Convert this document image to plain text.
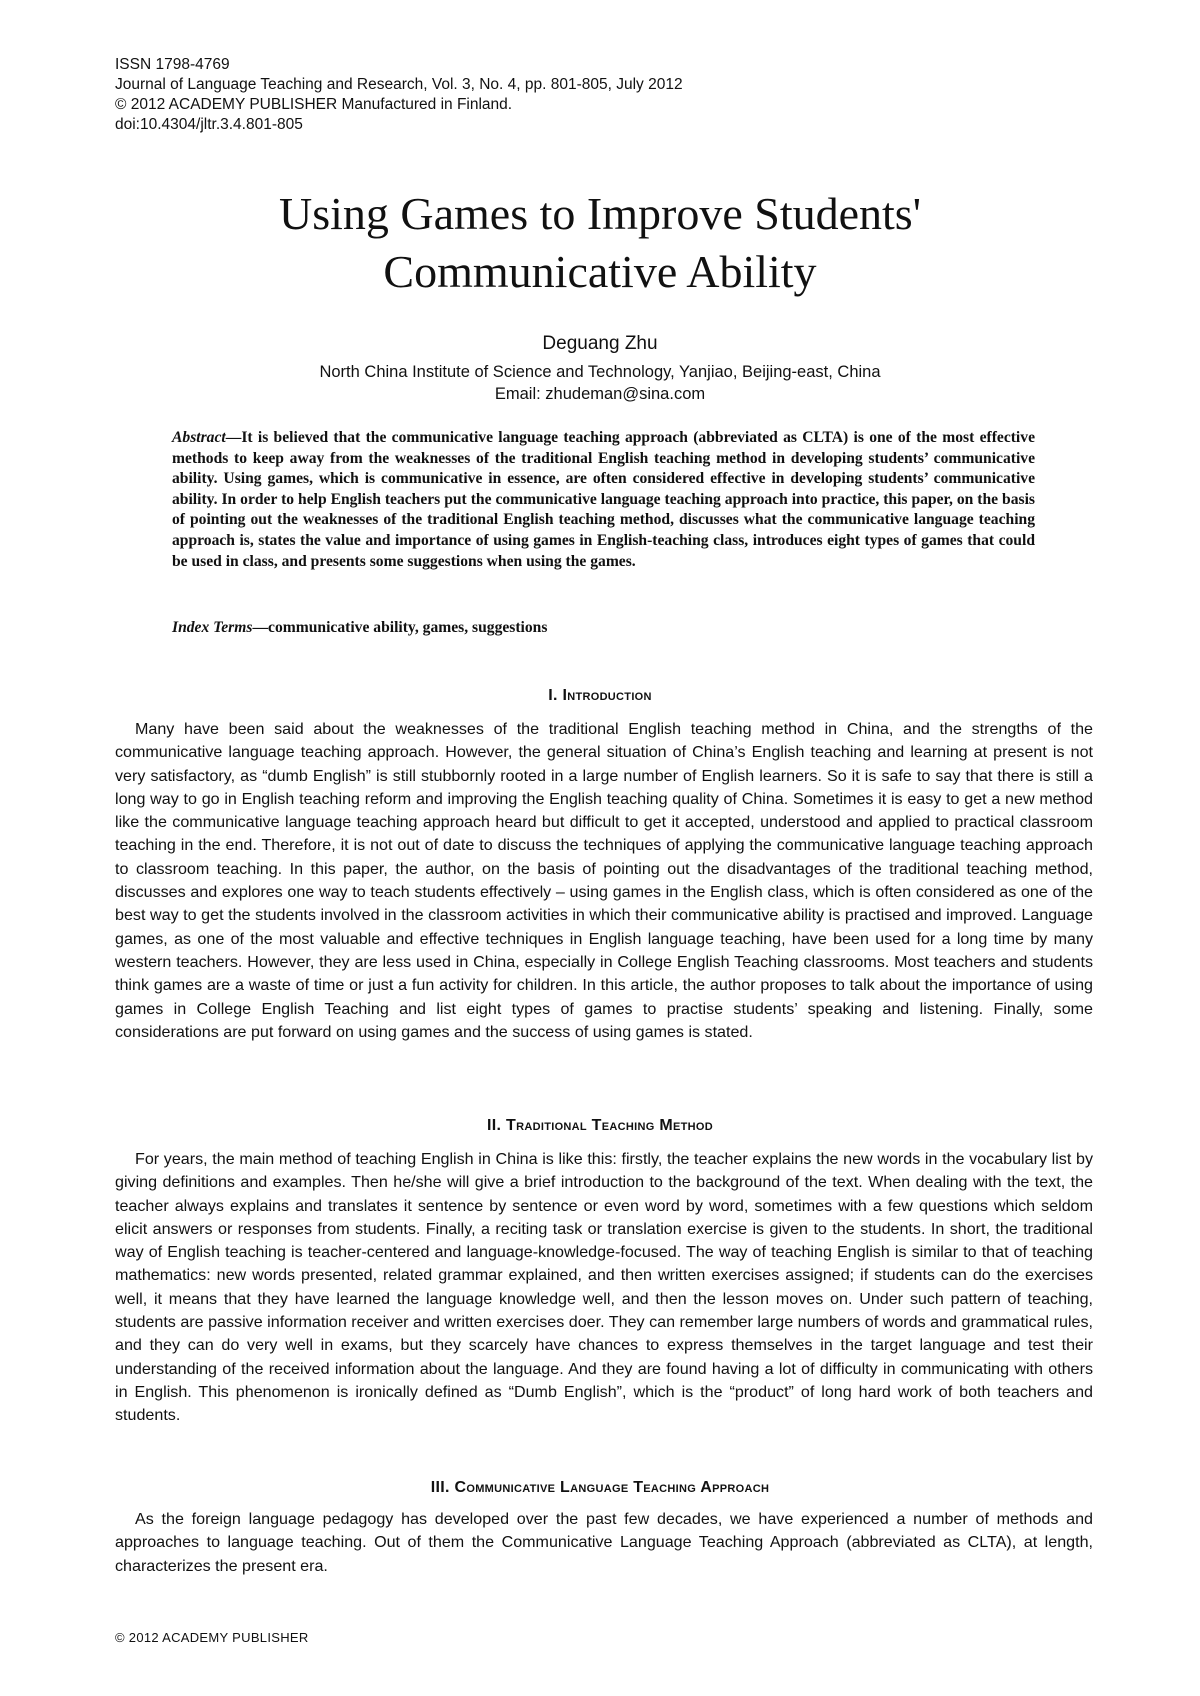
ISSN 1798-4769
Journal of Language Teaching and Research, Vol. 3, No. 4, pp. 801-805, July 2012
© 2012 ACADEMY PUBLISHER Manufactured in Finland.
doi:10.4304/jltr.3.4.801-805
Using Games to Improve Students'
Communicative Ability
Deguang Zhu
North China Institute of Science and Technology, Yanjiao, Beijing-east, China
Email: zhudeman@sina.com

Abstract—It is believed that the communicative language teaching approach (abbreviated as CLTA) is one of the most effective methods to keep away from the weaknesses of the traditional English teaching method in developing students’ communicative ability. Using games, which is communicative in essence, are often considered effective in developing students’ communicative ability. In order to help English teachers put the communicative language teaching approach into practice, this paper, on the basis of pointing out the weaknesses of the traditional English teaching method, discusses what the communicative language teaching approach is, states the value and importance of using games in English-teaching class, introduces eight types of games that could be used in class, and presents some suggestions when using the games.

Index Terms—communicative ability, games, suggestions

I. Introduction

Many have been said about the weaknesses of the traditional English teaching method in China, and the strengths of the communicative language teaching approach. However, the general situation of China’s English teaching and learning at present is not very satisfactory, as “dumb English” is still stubbornly rooted in a large number of English learners. So it is safe to say that there is still a long way to go in English teaching reform and improving the English teaching quality of China. Sometimes it is easy to get a new method like the communicative language teaching approach heard but difficult to get it accepted, understood and applied to practical classroom teaching in the end. Therefore, it is not out of date to discuss the techniques of applying the communicative language teaching approach to classroom teaching. In this paper, the author, on the basis of pointing out the disadvantages of the traditional teaching method, discusses and explores one way to teach students effectively – using games in the English class, which is often considered as one of the best way to get the students involved in the classroom activities in which their communicative ability is practised and improved. Language games, as one of the most valuable and effective techniques in English language teaching, have been used for a long time by many western teachers. However, they are less used in China, especially in College English Teaching classrooms. Most teachers and students think games are a waste of time or just a fun activity for children. In this article, the author proposes to talk about the importance of using games in College English Teaching and list eight types of games to practise students’ speaking and listening. Finally, some considerations are put forward on using games and the success of using games is stated.

II. Traditional Teaching Method

For years, the main method of teaching English in China is like this: firstly, the teacher explains the new words in the vocabulary list by giving definitions and examples. Then he/she will give a brief introduction to the background of the text. When dealing with the text, the teacher always explains and translates it sentence by sentence or even word by word, sometimes with a few questions which seldom elicit answers or responses from students. Finally, a reciting task or translation exercise is given to the students. In short, the traditional way of English teaching is teacher-centered and language-knowledge-focused. The way of teaching English is similar to that of teaching mathematics: new words presented, related grammar explained, and then written exercises assigned; if students can do the exercises well, it means that they have learned the language knowledge well, and then the lesson moves on. Under such pattern of teaching, students are passive information receiver and written exercises doer. They can remember large numbers of words and grammatical rules, and they can do very well in exams, but they scarcely have chances to express themselves in the target language and test their understanding of the received information about the language. And they are found having a lot of difficulty in communicating with others in English. This phenomenon is ironically defined as “Dumb English”, which is the “product” of long hard work of both teachers and students.

III. Communicative Language Teaching Approach

As the foreign language pedagogy has developed over the past few decades, we have experienced a number of methods and approaches to language teaching. Out of them the Communicative Language Teaching Approach (abbreviated as CLTA), at length, characterizes the present era.

© 2012 ACADEMY PUBLISHER
